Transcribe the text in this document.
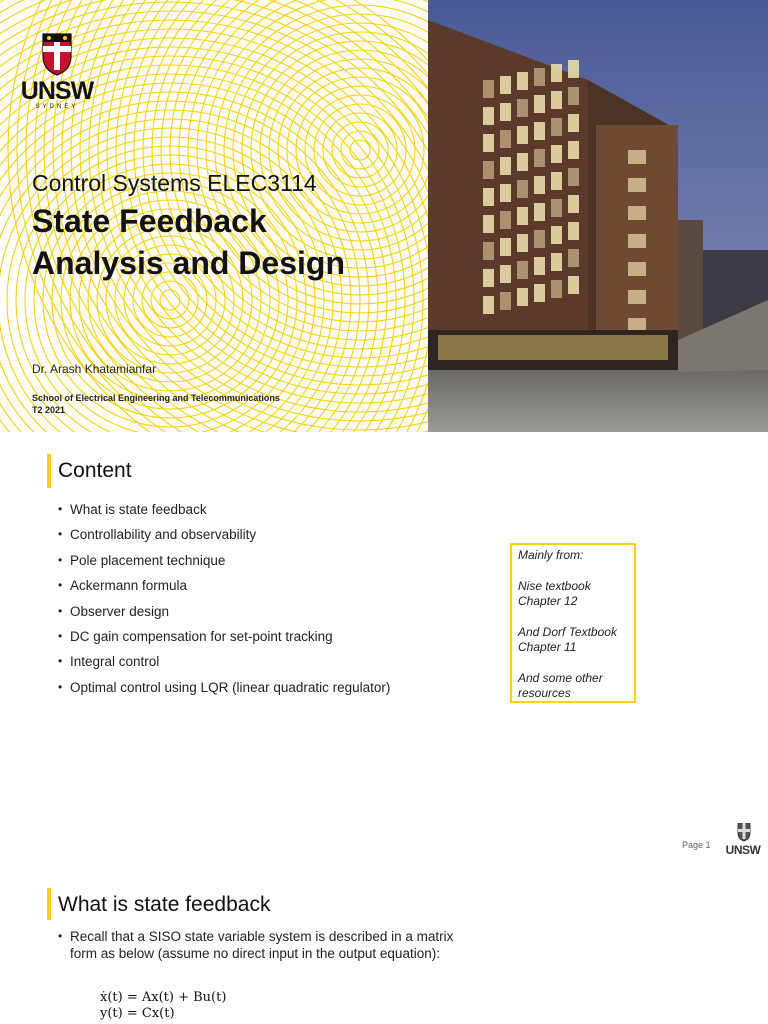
UNSW
SYDNEY
Control Systems ELEC3114
State Feedback
Analysis and Design
Dr. Arash Khatamianfar
School of Electrical Engineering and Telecommunications
T2 2021
Content
• What is state feedback
• Controllability and observability
• Pole placement technique
• Ackermann formula
• Observer design
• DC gain compensation for set-point tracking
• Integral control
• Optimal control using LQR (linear quadratic regulator)

Mainly from:

Nise textbook Chapter 12

And Dorf Textbook Chapter 11

And some other resources

Page 1 UNSW
What is state feedback
• Recall that a SISO state variable system is described in a matrix form as below (assume no direct input in the output equation):
ẋ(t) = Ax(t) + Bu(t)
y(t) = Cx(t)
